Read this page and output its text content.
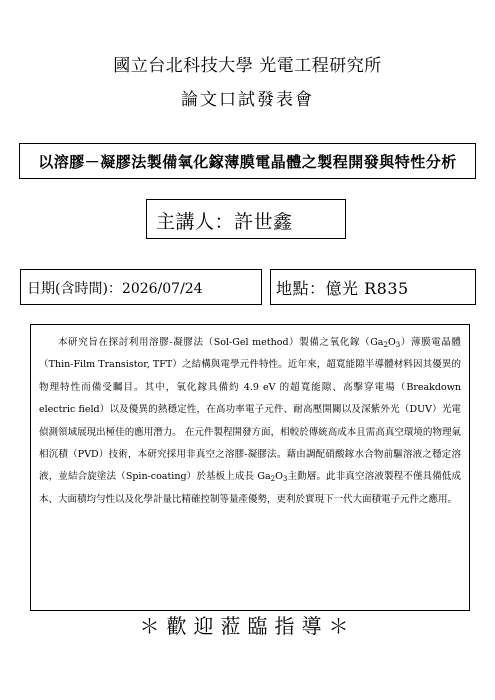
國立台北科技大學 光電工程研究所
論文口試發表會
以溶膠－凝膠法製備氧化鎵薄膜電晶體之製程開發與特性分析
主講人：許世鑫
日期(含時間)：2026/07/24	地點：億光 R835
本研究旨在探討利用溶膠-凝膠法（Sol-Gel method）製備之氧化鎵$(Ga_2O_3)$薄膜電晶體（Thin-Film Transistor, TFT）之結構與電學元件特性。近年來，超寬能隙半導體材料因其優異的物理特性而備受矚目。其中，氧化鎵具備約 4.9 eV 的超寬能隙、高擊穿電場（Breakdown electric field）以及優異的熱穩定性，在高功率電子元件、耐高壓開關以及深紫外光（DUV）光電偵測領域展現出極佳的應用潛力。 在元件製程開發方面，相較於傳統高成本且需高真空環境的物理氣相沉積（PVD）技術，本研究採用非真空之溶膠-凝膠法。藉由調配硝酸鎵水合物前驅溶液之穩定溶液，並結合旋塗法（Spin-coating）於基板上成長 $Ga_2O_3$主動層。此非真空溶液製程不僅具備低成本、大面積均勻性以及化學計量比精確控制等量產優勢，更利於實現下一代大面積電子元件之應用。
＊歡迎蒞臨指導＊
